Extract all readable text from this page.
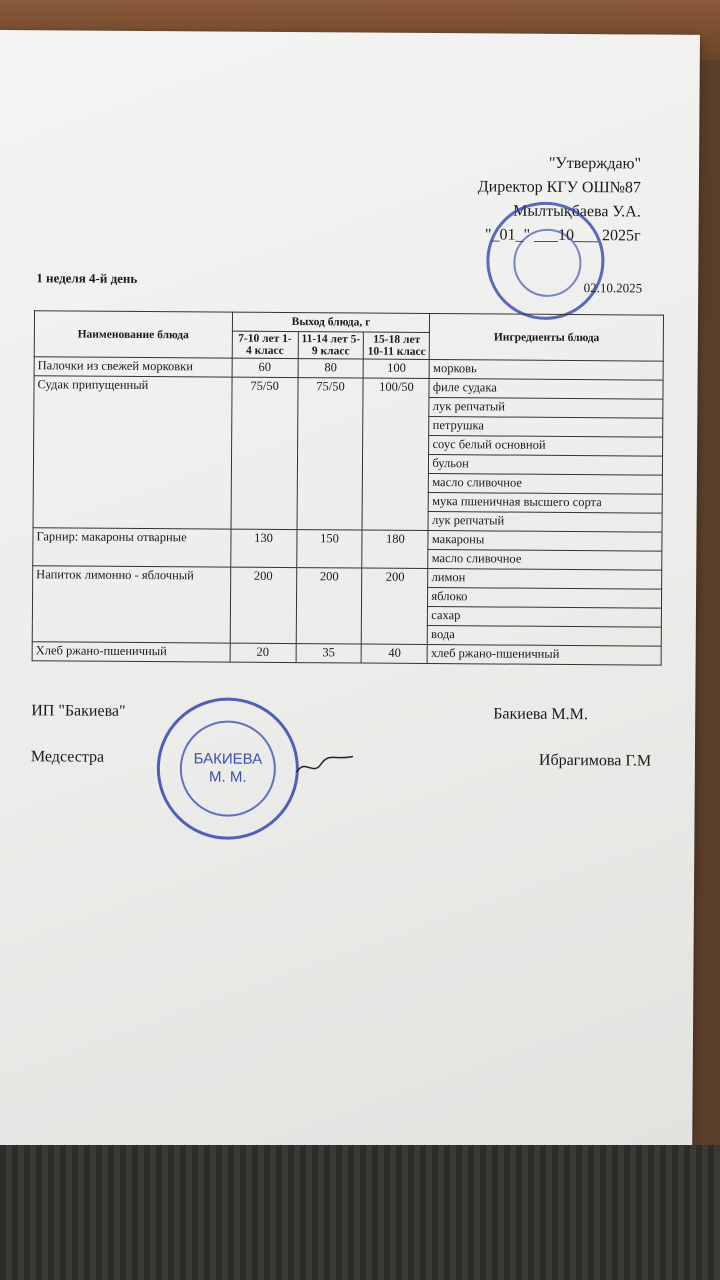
"Утверждаю"
Директор КГУ ОШ№87
Мылтықбаева У.А.
"_01_" ___10___ 2025г
1 неделя 4-й день
02.10.2025
Наименование блюда	Выход блюда, г			Ингредиенты блюда
	7-10 лет 1-4 класс	11-14 лет 5-9 класс	15-18 лет 10-11 класс	
Палочки из свежей морковки	60	80	100	морковь
Судак припущенный	75/50	75/50	100/50	филе судака
				лук репчатый
				петрушка
				соус белый основной
				бульон
				масло сливочное
				мука пшеничная высшего сорта
				лук репчатый
Гарнир: макароны отварные	130	150	180	макароны
				масло сливочное
Напиток лимонно - яблочный	200	200	200	лимон
				яблоко
				сахар
				вода
Хлеб ржано-пшеничный	20	35	40	хлеб ржано-пшеничный
ИП "Бакиева"	Бакиева М.М.
Медсестра	Ибрагимова Г.М
БАКИЕВА
М. М.
